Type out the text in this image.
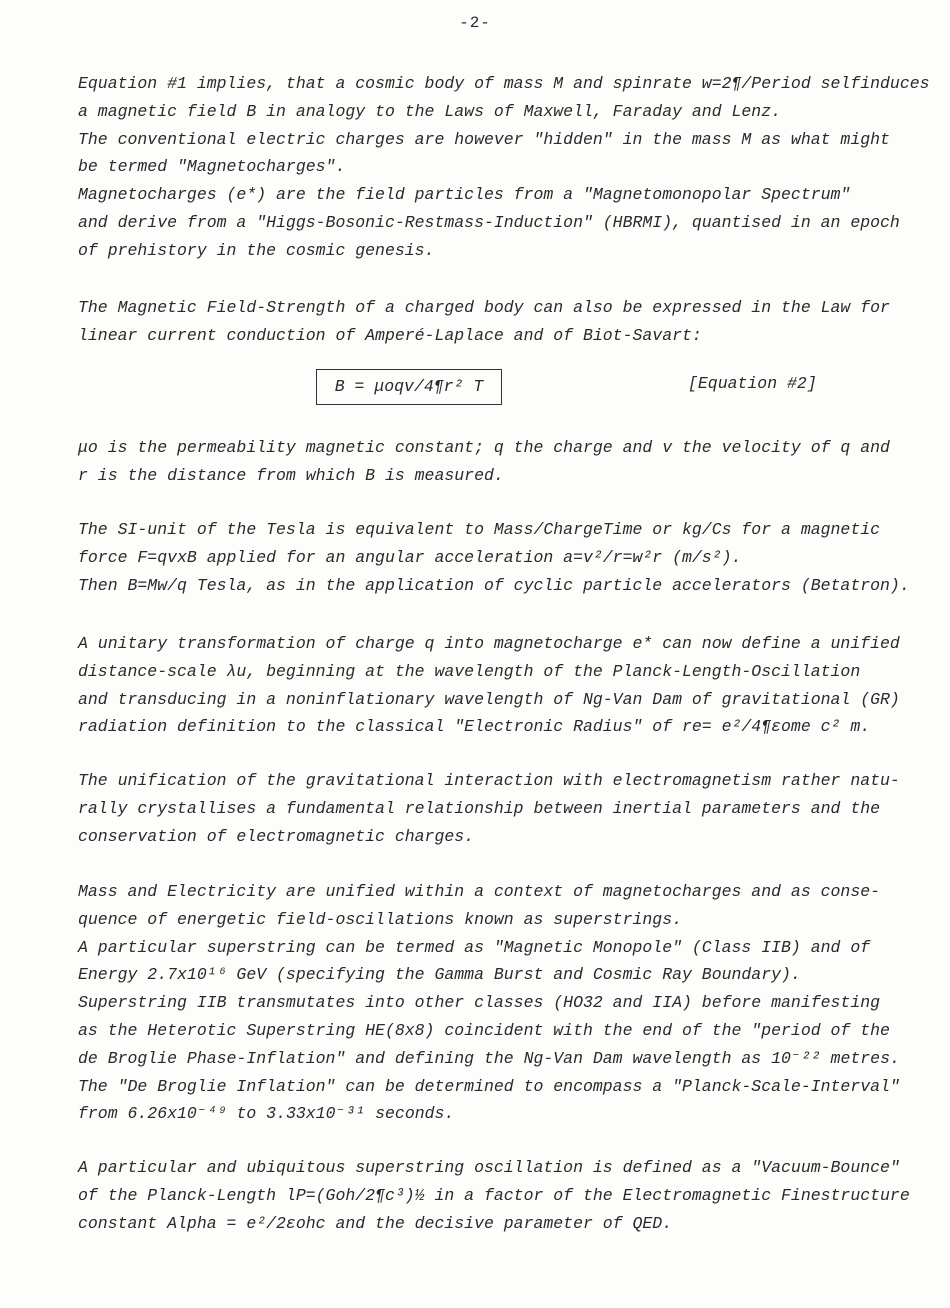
-2-

Equation #1 implies, that a cosmic body of mass M and spinrate w=2¶/Period selfinduces

a magnetic field B in analogy to the Laws of Maxwell, Faraday and Lenz.

The conventional electric charges are however "hidden" in the mass M as what might

be termed "Magnetocharges".

Magnetocharges (e*) are the field particles from a "Magnetomonopolar Spectrum"

and derive from a "Higgs-Bosonic-Restmass-Induction" (HBRMI), quantised in an epoch

of prehistory in the cosmic genesis.

The Magnetic Field-Strength of a charged body can also be expressed in the Law for

linear current conduction of Amperé-Laplace and of Biot-Savart:

B = μoqv/4¶r² T	[Equation #2]

μo is the permeability magnetic constant; q the charge and v the velocity of q and

r is the distance from which B is measured.

The SI-unit of the Tesla is equivalent to Mass/ChargeTime or kg/Cs for a magnetic

force F=qvxB applied for an angular acceleration a=v²/r=w²r (m/s²).

Then B=Mw/q Tesla, as in the application of cyclic particle accelerators (Betatron).

A unitary transformation of charge q into magnetocharge e* can now define a unified

distance-scale λu, beginning at the wavelength of the Planck-Length-Oscillation

and transducing in a noninflationary wavelength of Ng-Van Dam of gravitational (GR)

radiation definition to the classical "Electronic Radius" of re= e²/4¶εome c² m.

The unification of the gravitational interaction with electromagnetism rather natu-

rally crystallises a fundamental relationship between inertial parameters and the

conservation of electromagnetic charges.

Mass and Electricity are unified within a context of magnetocharges and as conse-

quence of energetic field-oscillations known as superstrings.

A particular superstring can be termed as "Magnetic Monopole" (Class IIB) and of

Energy 2.7x10¹⁶ GeV (specifying the Gamma Burst and Cosmic Ray Boundary).

Superstring IIB transmutates into other classes (HO32 and IIA) before manifesting

as the Heterotic Superstring HE(8x8) coincident with the end of the "period of the

de Broglie Phase-Inflation" and defining the Ng-Van Dam wavelength as 10⁻²² metres.

The "De Broglie Inflation" can be determined to encompass a "Planck-Scale-Interval"

from 6.26x10⁻⁴⁹ to 3.33x10⁻³¹ seconds.

A particular and ubiquitous superstring oscillation is defined as a "Vacuum-Bounce"

of the Planck-Length lP=(Goh/2¶c³)½ in a factor of the Electromagnetic Finestructure

constant Alpha = e²/2εohc and the decisive parameter of QED.
